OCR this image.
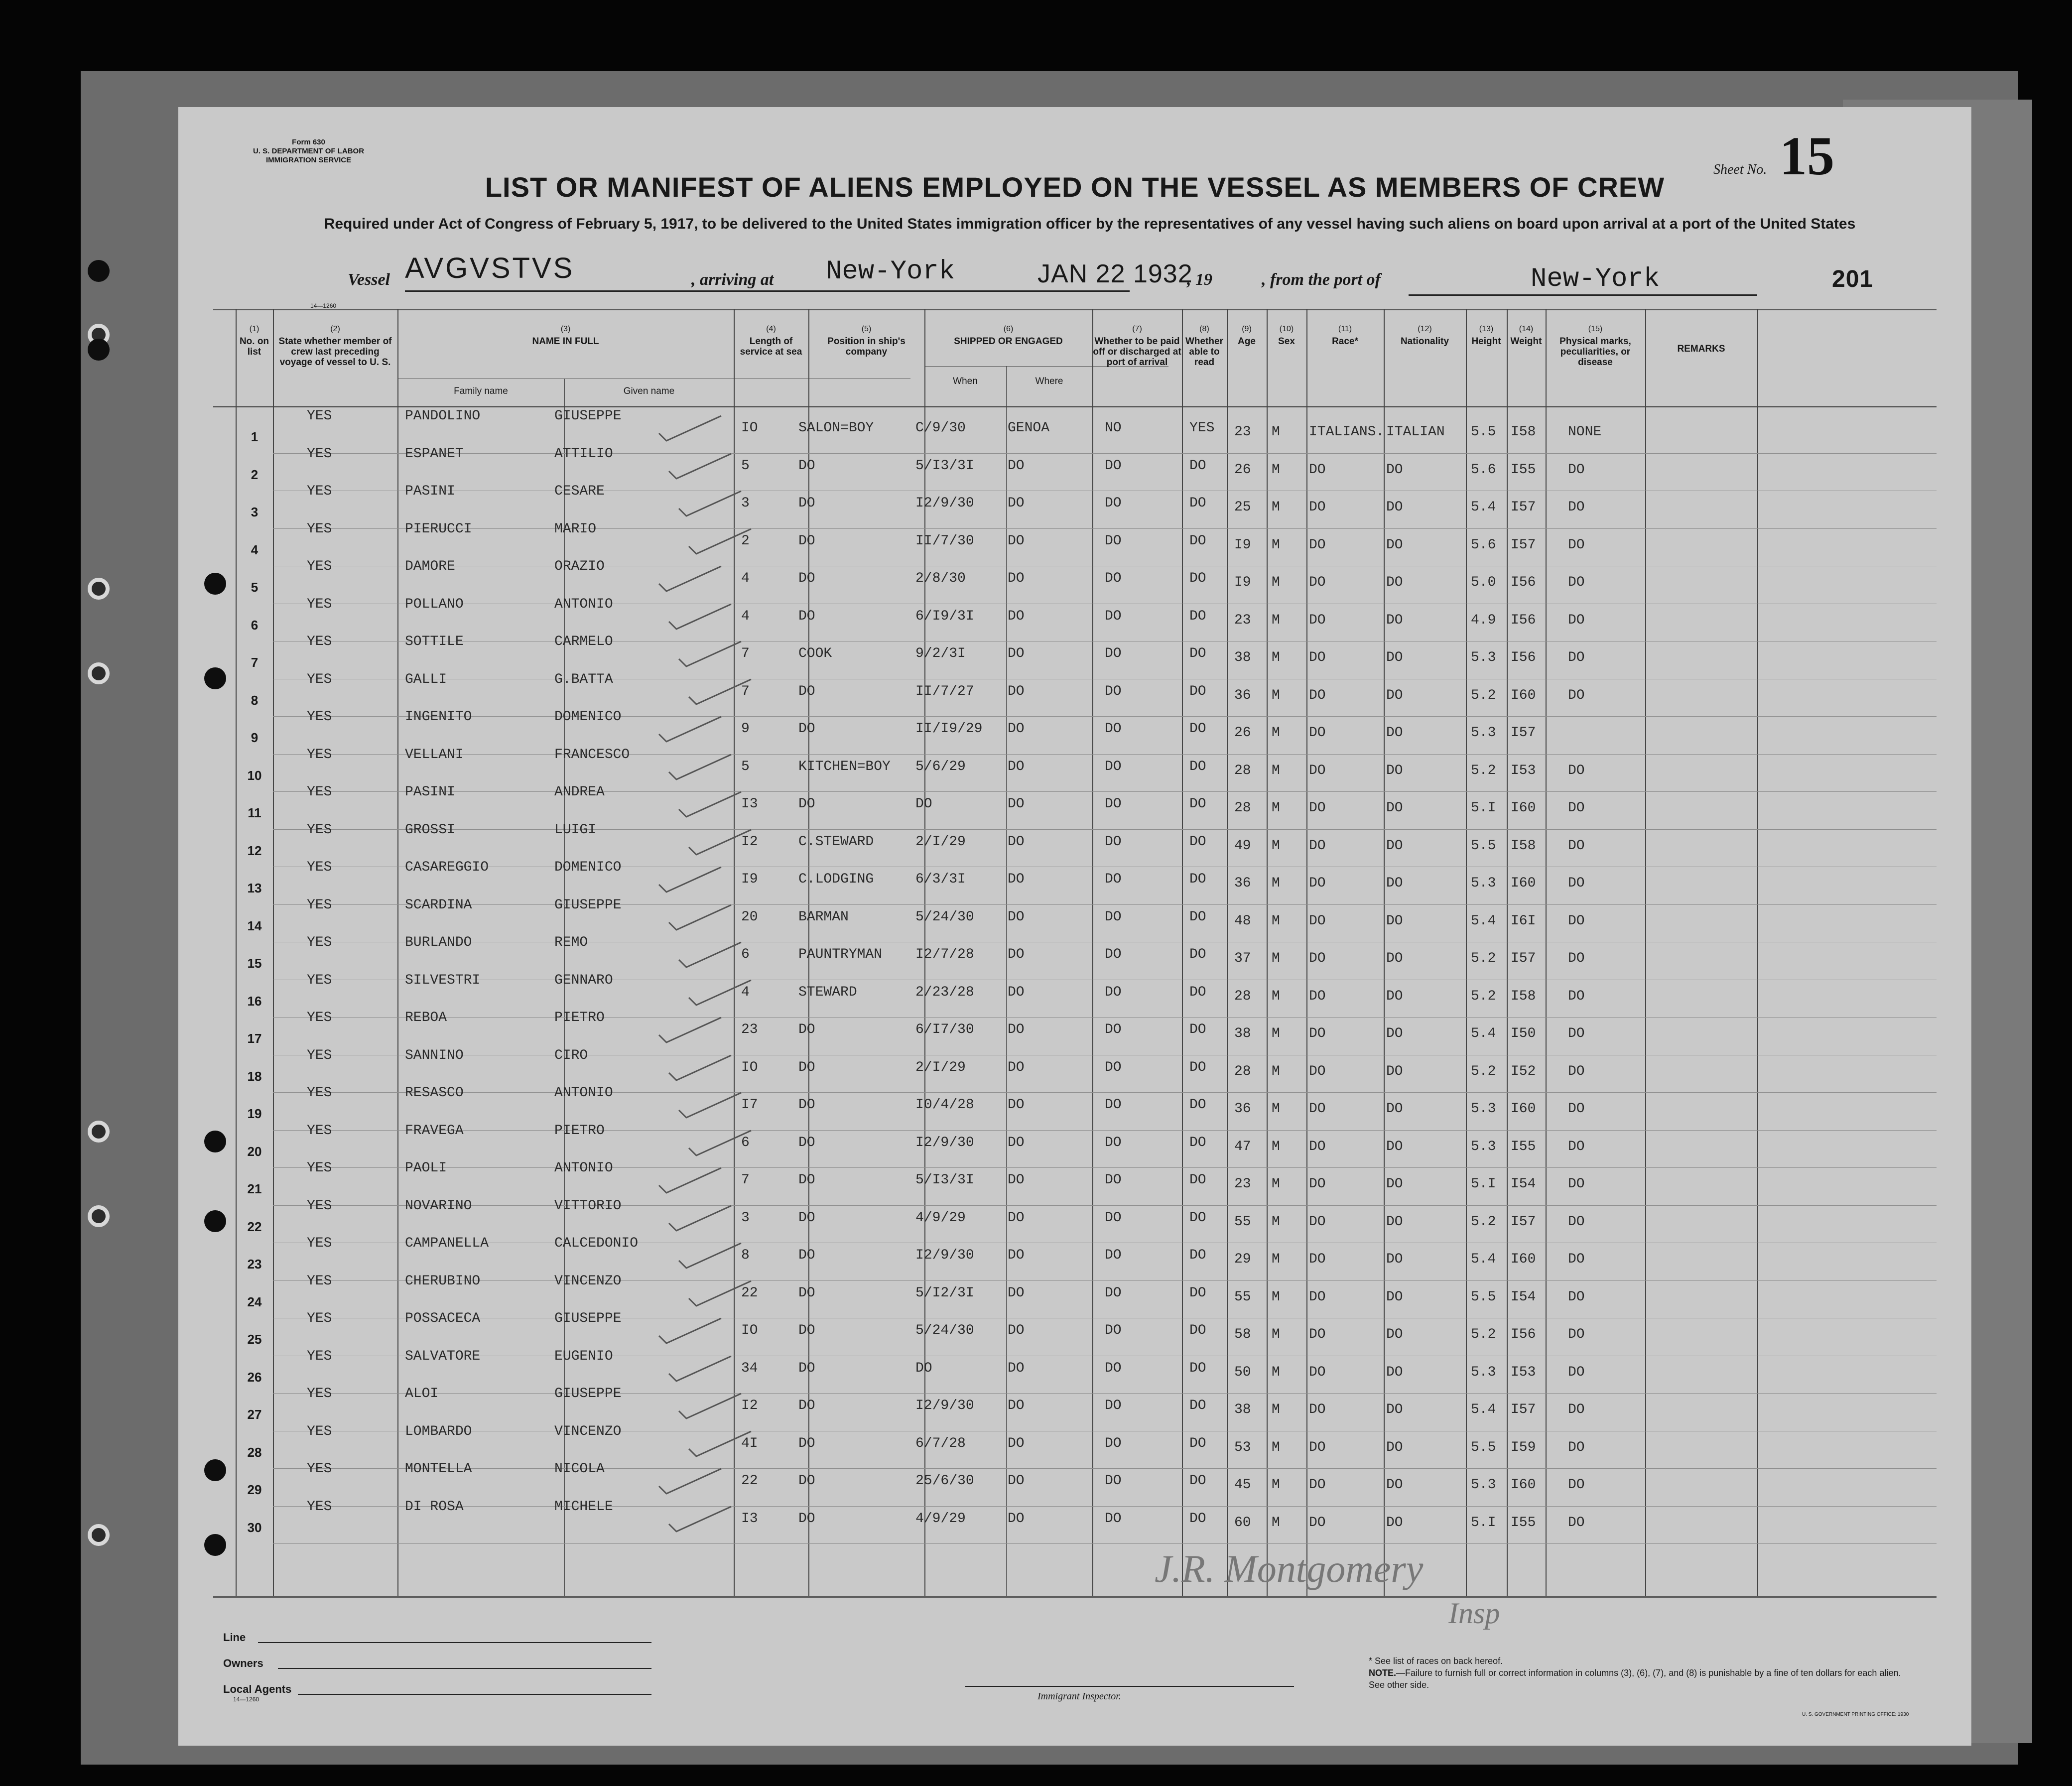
Form 630
U. S. DEPARTMENT OF LABOR
IMMIGRATION SERVICE
Sheet No. 15
LIST OR MANIFEST OF ALIENS EMPLOYED ON THE VESSEL AS MEMBERS OF CREW
Required under Act of Congress of February 5, 1917, to be delivered to the United States immigration officer by the representatives of any vessel having such aliens on board upon arrival at a port of the United States
Vessel AVGVSTVS	, arriving at New-York	JAN 22 1932
, 19	, from the port of	New-York	201
14—1260
(1)
No. on list
(2)
State whether member of crew last preceding voyage of vessel to U. S.
(3)
NAME IN FULL
Family name	Given name
(4)
Length of service at sea
(5)
Position in ship's company
(6)
SHIPPED OR ENGAGED
When	Where
(7)
Whether to be paid off or discharged at port of arrival
(8)
Whether able to read
(9)
Age
(10)
Sex
(11)
Race*
(12)
Nationality
(13)
Height
(14)
Weight
(15)
Physical marks, peculiarities, or disease
REMARKS
1
YES	PANDOLINO	GIUSEPPE
IO	SALON=BOY	C/9/30	GENOA	NO	YES 23 M ITALIANS. ITALIAN 5.5 I58 NONE
2
YES	ESPANET	ATTILIO
5	DO	5/I3/3I DO	DO	DO 26 M DO	DO	5.6 I55 DO
3
YES	PASINI	CESARE
3	DO	I2/9/30 DO	DO	DO 25 M DO	DO	5.4 I57 DO
4
YES	PIERUCCI	MARIO
2	DO	II/7/30 DO	DO	DO I9 M DO	DO	5.6 I57 DO
5
YES	DAMORE	ORAZIO
4	DO	2/8/30	DO	DO	DO I9 M DO	DO	5.0 I56 DO
6
YES	POLLANO	ANTONIO
4	DO	6/I9/3I DO	DO	DO 23 M DO	DO	4.9 I56 DO
7
YES	SOTTILE	CARMELO
7	COOK	9/2/3I	DO	DO	DO 38 M DO	DO	5.3 I56 DO
8
YES	GALLI	G.BATTA
7	DO	II/7/27 DO	DO	DO 36 M DO	DO	5.2 I60 DO
9
YES	INGENITO	DOMENICO
9	DO	II/I9/29 DO	DO	DO 26 M DO	DO	5.3 I57
10
YES	VELLANI	FRANCESCO
5	KITCHEN=BOY 5/6/29	DO	DO	DO 28 M DO	DO	5.2 I53 DO
11
YES	PASINI	ANDREA
I3	DO	DO	DO	DO	DO 28 M DO	DO	5.I I60 DO
12
YES	GROSSI	LUIGI
I2	C.STEWARD	2/I/29	DO	DO	DO 49 M DO	DO	5.5 I58 DO
13
YES	CASAREGGIO	DOMENICO
I9	C.LODGING	6/3/3I	DO	DO	DO 36 M DO	DO	5.3 I60 DO
14
YES	SCARDINA	GIUSEPPE
20	BARMAN	5/24/30 DO	DO	DO 48 M DO	DO	5.4 I6I DO
15
YES	BURLANDO	REMO
6	PAUNTRYMAN I2/7/28 DO	DO	DO 37 M DO	DO	5.2 I57 DO
16
YES	SILVESTRI	GENNARO
4	STEWARD	2/23/28 DO	DO	DO 28 M DO	DO	5.2 I58 DO
17
YES	REBOA	PIETRO
23	DO	6/I7/30 DO	DO	DO 38 M DO	DO	5.4 I50 DO
18
YES	SANNINO	CIRO
IO	DO	2/I/29	DO	DO	DO 28 M DO	DO	5.2 I52 DO
19
YES	RESASCO	ANTONIO
I7	DO	I0/4/28 DO	DO	DO 36 M DO	DO	5.3 I60 DO
20
YES	FRAVEGA	PIETRO
6	DO	I2/9/30 DO	DO	DO 47 M DO	DO	5.3 I55 DO
21
YES	PAOLI	ANTONIO
7	DO	5/I3/3I DO	DO	DO 23 M DO	DO	5.I I54 DO
22
YES	NOVARINO	VITTORIO
3	DO	4/9/29	DO	DO	DO 55 M DO	DO	5.2 I57 DO
23
YES	CAMPANELLA	CALCEDONIO
8	DO	I2/9/30 DO	DO	DO 29 M DO	DO	5.4 I60 DO
24
YES	CHERUBINO	VINCENZO
22	DO	5/I2/3I DO	DO	DO 55 M DO	DO	5.5 I54 DO
25
YES	POSSACECA	GIUSEPPE
IO	DO	5/24/30 DO	DO	DO 58 M DO	DO	5.2 I56 DO
26
YES	SALVATORE	EUGENIO
34	DO	DO	DO	DO	DO 50 M DO	DO	5.3 I53 DO
27
YES	ALOI	GIUSEPPE
I2	DO	I2/9/30 DO	DO	DO 38 M DO	DO	5.4 I57 DO
28
YES	LOMBARDO	VINCENZO
4I	DO	6/7/28	DO	DO	DO 53 M DO	DO	5.5 I59 DO
29
YES	MONTELLA	NICOLA
22	DO	25/6/30 DO	DO	DO 45 M DO	DO	5.3 I60 DO
30
YES	DI ROSA	MICHELE
I3	DO	4/9/29	DO	DO	DO 60 M DO	DO	5.I I55 DO
J.R. Montgomery
Insp
Line
Owners
Local Agents
14—1260	Immigrant Inspector.
* See list of races on back hereof.
NOTE.—Failure to furnish full or correct information in columns (3), (6), (7), and (8) is punishable by a fine of ten dollars for each alien. See other side.
U. S. GOVERNMENT PRINTING OFFICE: 1930
